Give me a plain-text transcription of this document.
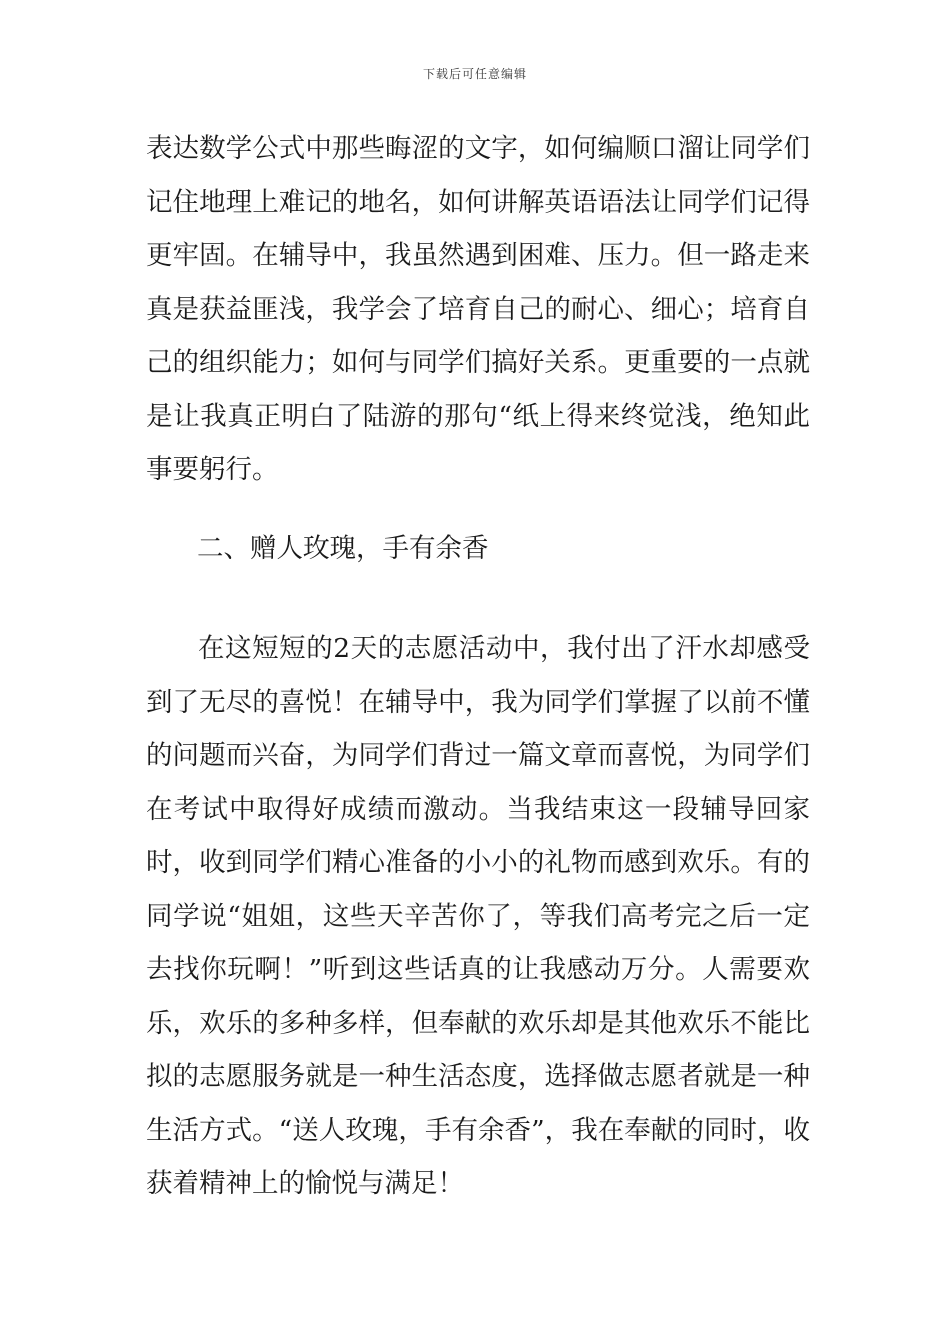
下载后可任意编辑

表达数学公式中那些晦涩的文字，如何编顺口溜让同学们记住地理上难记的地名，如何讲解英语语法让同学们记得更牢固。在辅导中，我虽然遇到困难、压力。但一路走来真是获益匪浅，我学会了培育自己的耐心、细心；培育自己的组织能力；如何与同学们搞好关系。更重要的一点就是让我真正明白了陆游的那句“纸上得来终觉浅，绝知此事要躬行。

二、赠人玫瑰，手有余香

在这短短的2天的志愿活动中，我付出了汗水却感受到了无尽的喜悦！在辅导中，我为同学们掌握了以前不懂的问题而兴奋，为同学们背过一篇文章而喜悦，为同学们在考试中取得好成绩而激动。当我结束这一段辅导回家时，收到同学们精心准备的小小的礼物而感到欢乐。有的同学说“姐姐，这些天辛苦你了，等我们高考完之后一定去找你玩啊！”听到这些话真的让我感动万分。人需要欢乐，欢乐的多种多样，但奉献的欢乐却是其他欢乐不能比拟的志愿服务就是一种生活态度，选择做志愿者就是一种生活方式。“送人玫瑰，手有余香”，我在奉献的同时，收获着精神上的愉悦与满足！
